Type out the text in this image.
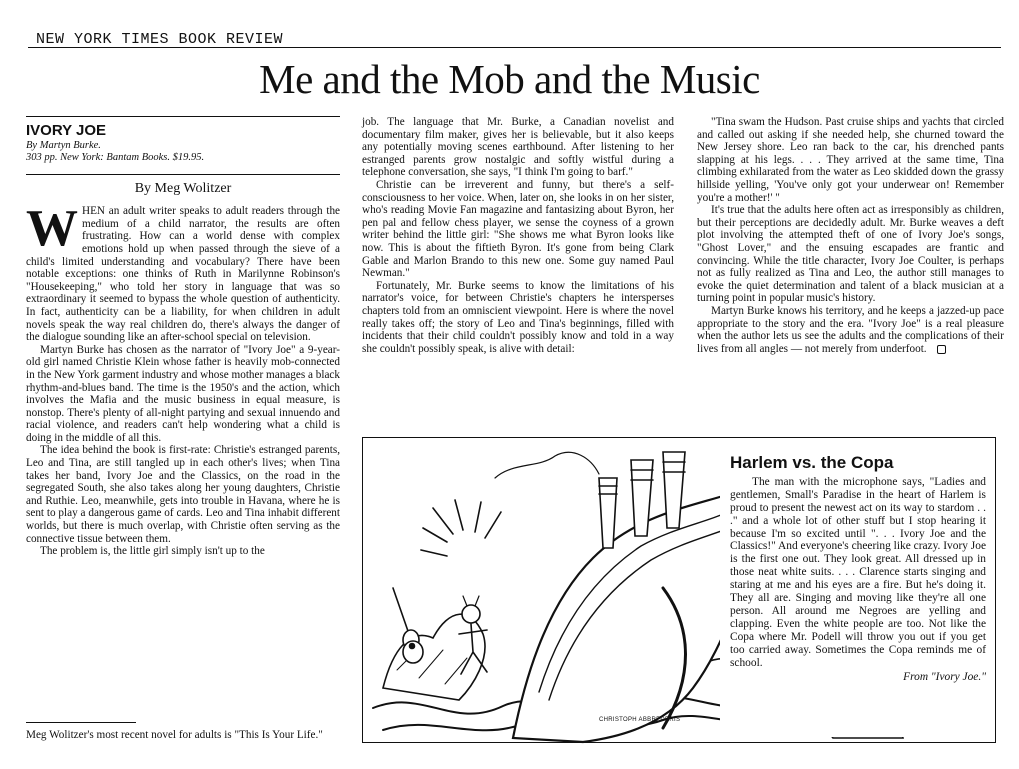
NEW YORK TIMES BOOK REVIEW
Me and the Mob and the Music
IVORY JOE
By Martyn Burke.
303 pp. New York: Bantam Books. $19.95.
By Meg Wolitzer

WHEN an adult writer speaks to adult readers through the medium of a child narrator, the results are often frustrating. How can a world dense with complex emotions hold up when passed through the sieve of a child's limited understanding and vocabulary? There have been notable exceptions: one thinks of Ruth in Marilynne Robinson's "Housekeeping," who told her story in language that was so extraordinary it seemed to bypass the whole question of authenticity. In fact, authenticity can be a liability, for when children in adult novels speak the way real children do, there's always the danger of the dialogue sounding like an after-school special on television.

Martyn Burke has chosen as the narrator of "Ivory Joe" a 9-year-old girl named Christie Klein whose father is heavily mob-connected in the New York garment industry and whose mother manages a black rhythm-and-blues band. The time is the 1950's and the action, which involves the Mafia and the music business in equal measure, is nonstop. There's plenty of all-night partying and sexual innuendo and racial violence, and readers can't help wondering what a child is doing in the middle of all this.

The idea behind the book is first-rate: Christie's estranged parents, Leo and Tina, are still tangled up in each other's lives; when Tina takes her band, Ivory Joe and the Classics, on the road in the segregated South, she also takes along her young daughters, Christie and Ruthie. Leo, meanwhile, gets into trouble in Havana, where he is sent to play a dangerous game of cards. Leo and Tina inhabit different worlds, but there is much overlap, with Christie often serving as the connective tissue between them.

The problem is, the little girl simply isn't up to the

Meg Wolitzer's most recent novel for adults is "This Is Your Life."

job. The language that Mr. Burke, a Canadian novelist and documentary film maker, gives her is believable, but it also keeps any potentially moving scenes earthbound. After listening to her estranged parents grow nostalgic and softly wistful during a telephone conversation, she says, "I think I'm going to barf."

Christie can be irreverent and funny, but there's a self-consciousness to her voice. When, later on, she looks in on her sister, who's reading Movie Fan magazine and fantasizing about Byron, her pen pal and fellow chess player, we sense the coyness of a grown writer behind the little girl: "She shows me what Byron looks like now. This is about the fiftieth Byron. It's gone from being Clark Gable and Marlon Brando to this new one. Some guy named Paul Newman."

Fortunately, Mr. Burke seems to know the limitations of his narrator's voice, for between Christie's chapters he intersperses chapters told from an omniscient viewpoint. Here is where the novel really takes off; the story of Leo and Tina's beginnings, filled with incidents that their child couldn't possibly know and told in a way she couldn't possibly speak, is alive with detail:

"Tina swam the Hudson. Past cruise ships and yachts that circled and called out asking if she needed help, she churned toward the New Jersey shore. Leo ran back to the car, his drenched pants slapping at his legs. . . . They arrived at the same time, Tina climbing exhilarated from the water as Leo skidded down the grassy hillside yelling, 'You've only got your underwear on! Remember you're a mother!' "

It's true that the adults here often act as irresponsibly as children, but their perceptions are decidedly adult. Mr. Burke weaves a deft plot involving the attempted theft of one of Ivory Joe's songs, "Ghost Lover," and the ensuing escapades are frantic and convincing. While the title character, Ivory Joe Coulter, is perhaps not as fully realized as Tina and Leo, the author still manages to evoke the quiet determination and talent of a black musician at a turning point in popular music's history.

Martyn Burke knows his territory, and he keeps a jazzed-up pace appropriate to the story and the era. "Ivory Joe" is a real pleasure when the author lets us see the adults and the complications of their lives from all angles — not merely from underfoot.

CHRISTOPH ABBREDERIS
Harlem vs. the Copa

The man with the microphone says, "Ladies and gentlemen, Small's Paradise in the heart of Harlem is proud to present the newest act on its way to stardom . . ." and a whole lot of other stuff but I stop hearing it because I'm so excited until ". . . Ivory Joe and the Classics!" And everyone's cheering like crazy. Ivory Joe is the first one out. They look great. All dressed up in those neat white suits. . . . Clarence starts singing and staring at me and his eyes are a fire. But he's doing it. They all are. Singing and moving like they're all one person. All around me Negroes are yelling and clapping. Even the white people are too. Not like the Copa where Mr. Podell will throw you out if you get too carried away. Sometimes the Copa reminds me of school.

From "Ivory Joe."
